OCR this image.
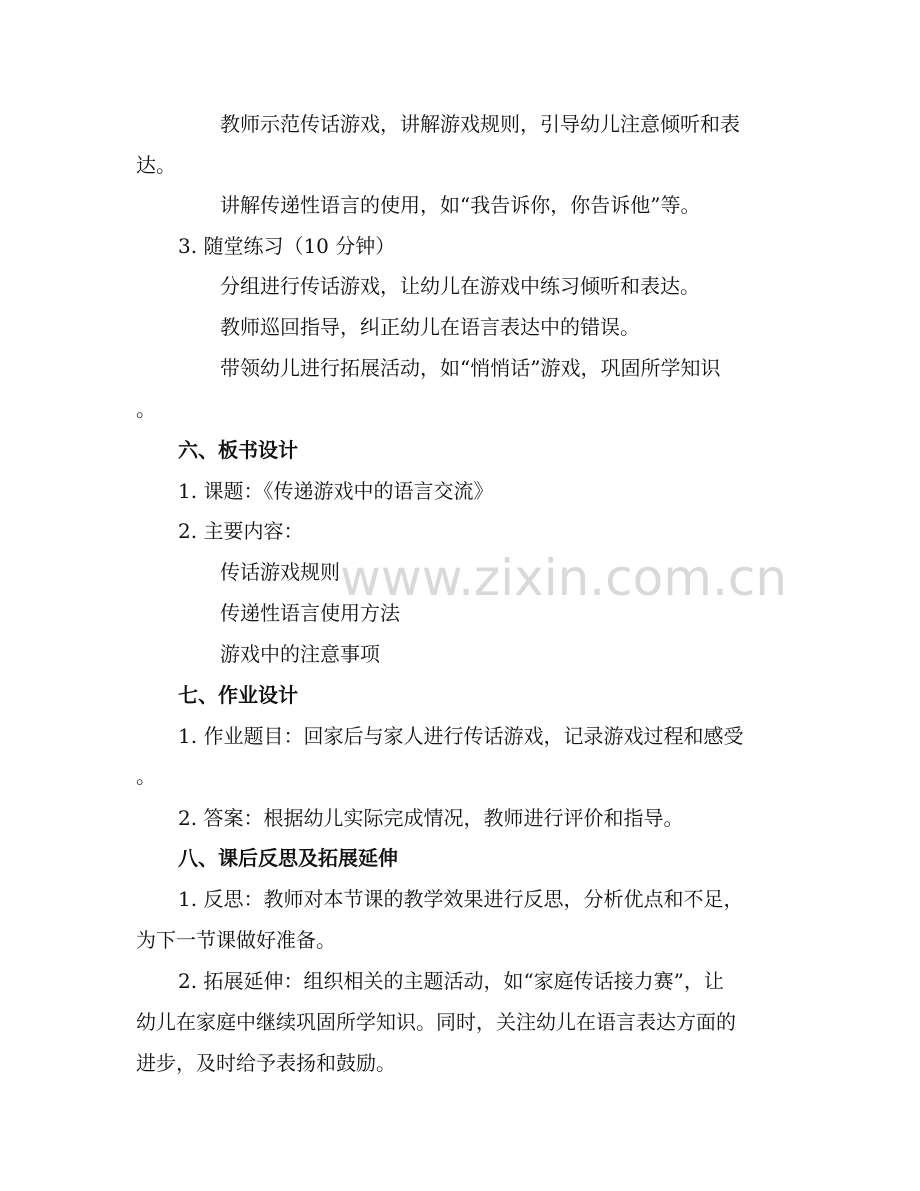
www.zixin.com.cn
教师示范传话游戏，讲解游戏规则，引导幼儿注意倾听和表
达。
讲解传递性语言的使用，如“我告诉你，你告诉他”等。
3. 随堂练习（10 分钟）
分组进行传话游戏，让幼儿在游戏中练习倾听和表达。
教师巡回指导，纠正幼儿在语言表达中的错误。
带领幼儿进行拓展活动，如“悄悄话”游戏，巩固所学知识
。
六、板书设计
1. 课题：《传递游戏中的语言交流》
2. 主要内容：
传话游戏规则
传递性语言使用方法
游戏中的注意事项
七、作业设计
1. 作业题目：回家后与家人进行传话游戏，记录游戏过程和感受
。
2. 答案：根据幼儿实际完成情况，教师进行评价和指导。
八、课后反思及拓展延伸
1. 反思：教师对本节课的教学效果进行反思，分析优点和不足，
为下一节课做好准备。
2. 拓展延伸：组织相关的主题活动，如“家庭传话接力赛”，让
幼儿在家庭中继续巩固所学知识。同时，关注幼儿在语言表达方面的
进步，及时给予表扬和鼓励。
